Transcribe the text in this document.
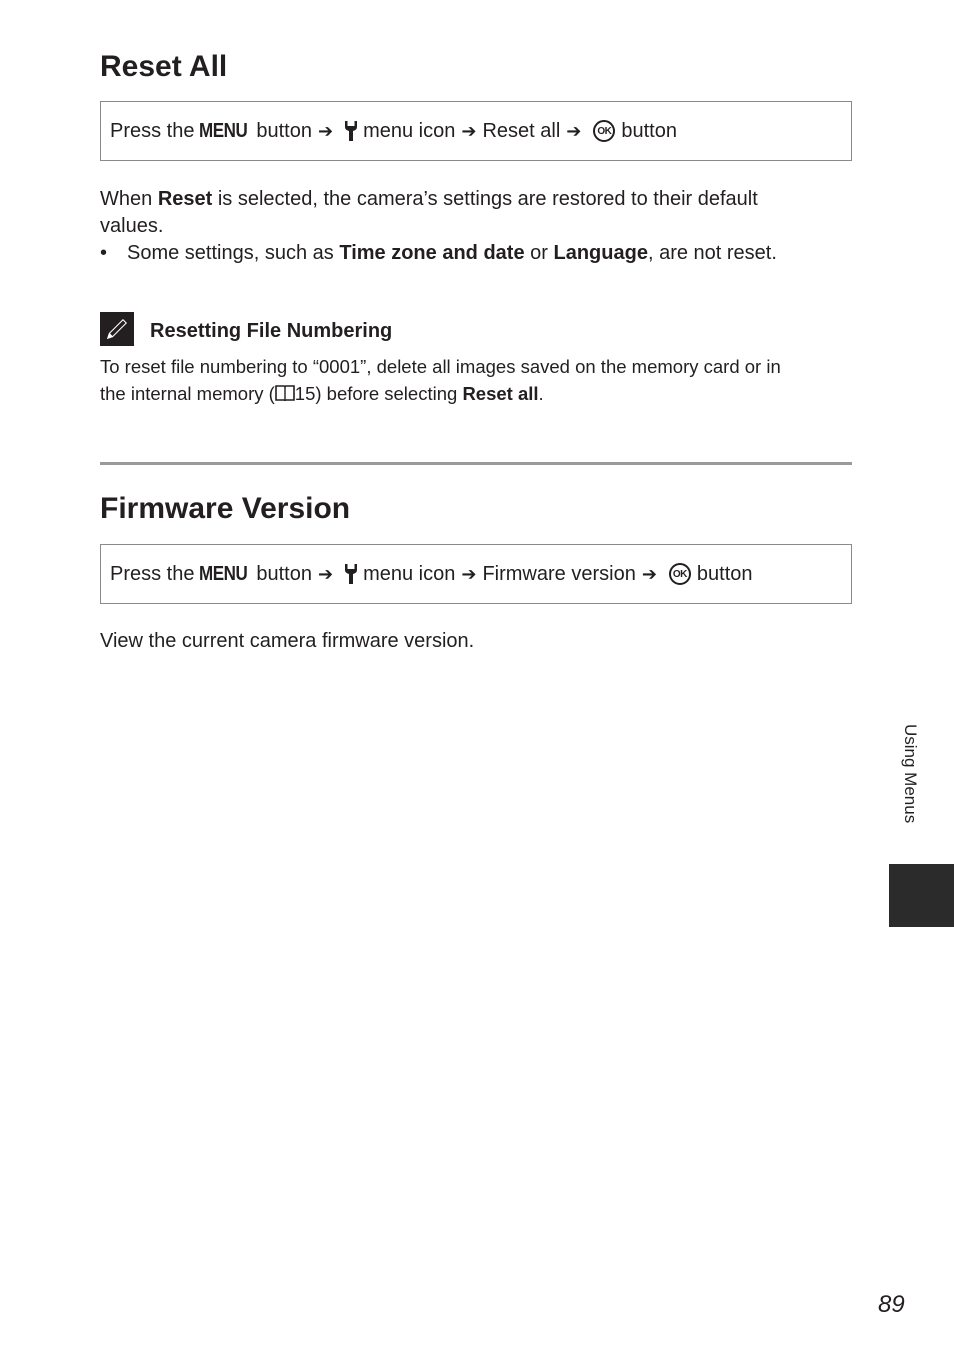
Reset All
Press the MENU button ➔ menu icon ➔ Reset all ➔	OK button
When Reset is selected, the camera’s settings are restored to their default
values.
• Some settings, such as Time zone and date or Language, are not reset.
Resetting File Numbering
To reset file numbering to “0001”, delete all images saved on the memory card or in
the internal memory ( 15) before selecting Reset all.
Firmware Version
Press the MENU button ➔ menu icon ➔ Firmware version ➔	OK button
View the current camera firmware version.
Using Menus
89
